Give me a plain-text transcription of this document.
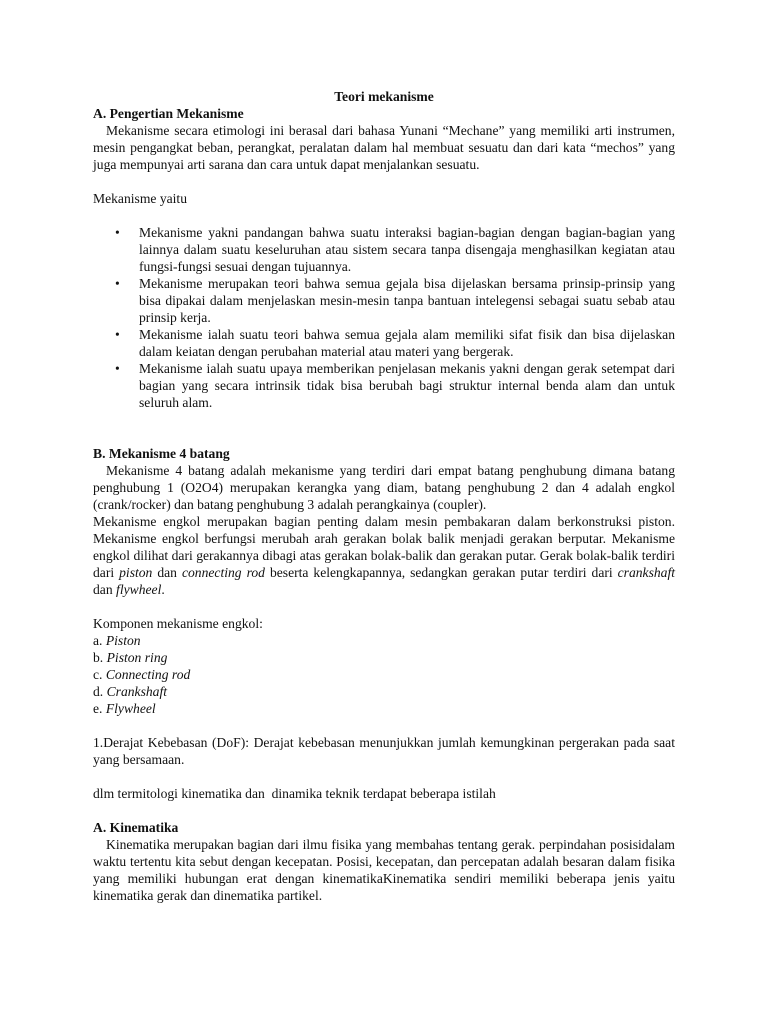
Teori mekanisme

A. Pengertian Mekanisme

Mekanisme secara etimologi ini berasal dari bahasa Yunani “Mechane” yang memiliki arti instrumen, mesin pengangkat beban, perangkat, peralatan dalam hal membuat sesuatu dan dari kata “mechos” yang juga mempunyai arti sarana dan cara untuk dapat menjalankan sesuatu.

Mekanisme yaitu

• Mekanisme yakni pandangan bahwa suatu interaksi bagian-bagian dengan bagian-bagian yang lainnya dalam suatu keseluruhan atau sistem secara tanpa disengaja menghasilkan kegiatan atau fungsi-fungsi sesuai dengan tujuannya.
• Mekanisme merupakan teori bahwa semua gejala bisa dijelaskan bersama prinsip-prinsip yang bisa dipakai dalam menjelaskan mesin-mesin tanpa bantuan intelegensi sebagai suatu sebab atau prinsip kerja.
• Mekanisme ialah suatu teori bahwa semua gejala alam memiliki sifat fisik dan bisa dijelaskan dalam keiatan dengan perubahan material atau materi yang bergerak.
• Mekanisme ialah suatu upaya memberikan penjelasan mekanis yakni dengan gerak setempat dari bagian yang secara intrinsik tidak bisa berubah bagi struktur internal benda alam dan untuk seluruh alam.

B. Mekanisme 4 batang

Mekanisme 4 batang adalah mekanisme yang terdiri dari empat batang penghubung dimana batang penghubung 1 (O2O4) merupakan kerangka yang diam, batang penghubung 2 dan 4 adalah engkol (crank/rocker) dan batang penghubung 3 adalah perangkainya (coupler).

Mekanisme engkol merupakan bagian penting dalam mesin pembakaran dalam berkonstruksi piston. Mekanisme engkol berfungsi merubah arah gerakan bolak balik menjadi gerakan berputar. Mekanisme engkol dilihat dari gerakannya dibagi atas gerakan bolak-balik dan gerakan putar. Gerak bolak-balik terdiri dari piston dan connecting rod beserta kelengkapannya, sedangkan gerakan putar terdiri dari crankshaft dan flywheel.

Komponen mekanisme engkol:

a. Piston
b. Piston ring
c. Connecting rod
d. Crankshaft
e. Flywheel

1.Derajat Kebebasan (DoF): Derajat kebebasan menunjukkan jumlah kemungkinan pergerakan pada saat yang bersamaan.

dlm termitologi kinematika dan  dinamika teknik terdapat beberapa istilah

A. Kinematika

Kinematika merupakan bagian dari ilmu fisika yang membahas tentang gerak. perpindahan posisidalam waktu tertentu kita sebut dengan kecepatan. Posisi, kecepatan, dan percepatan adalah besaran dalam fisika yang memiliki hubungan erat dengan kinematikaKinematika sendiri memiliki beberapa jenis yaitu kinematika gerak dan dinematika partikel.
